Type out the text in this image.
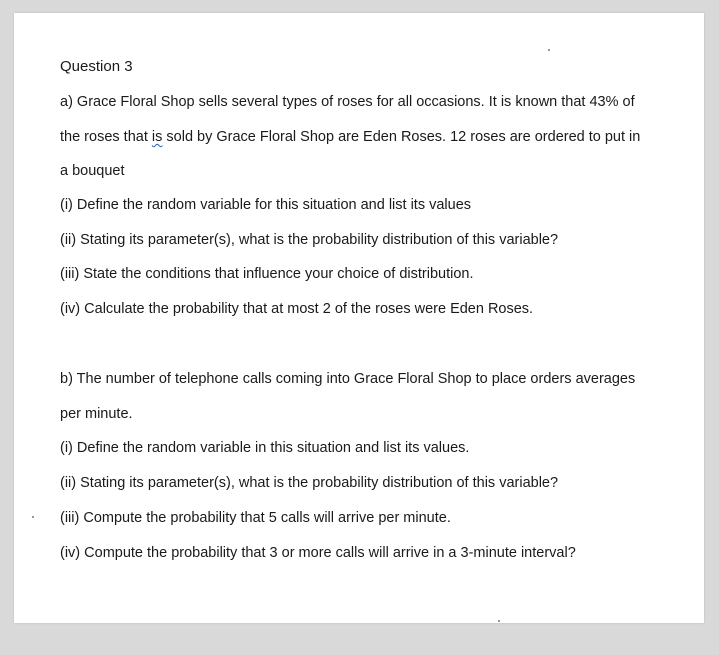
Question 3
a) Grace Floral Shop sells several types of roses for all occasions. It is known that 43% of
the roses that is sold by Grace Floral Shop are Eden Roses. 12 roses are ordered to put in
a bouquet
(i) Define the random variable for this situation and list its values
(ii) Stating its parameter(s), what is the probability distribution of this variable?
(iii) State the conditions that influence your choice of distribution.
(iv) Calculate the probability that at most 2 of the roses were Eden Roses.
b) The number of telephone calls coming into Grace Floral Shop to place orders averages
per minute.
(i) Define the random variable in this situation and list its values.
(ii) Stating its parameter(s), what is the probability distribution of this variable?
(iii) Compute the probability that 5 calls will arrive per minute.
(iv) Compute the probability that 3 or more calls will arrive in a 3-minute interval?
